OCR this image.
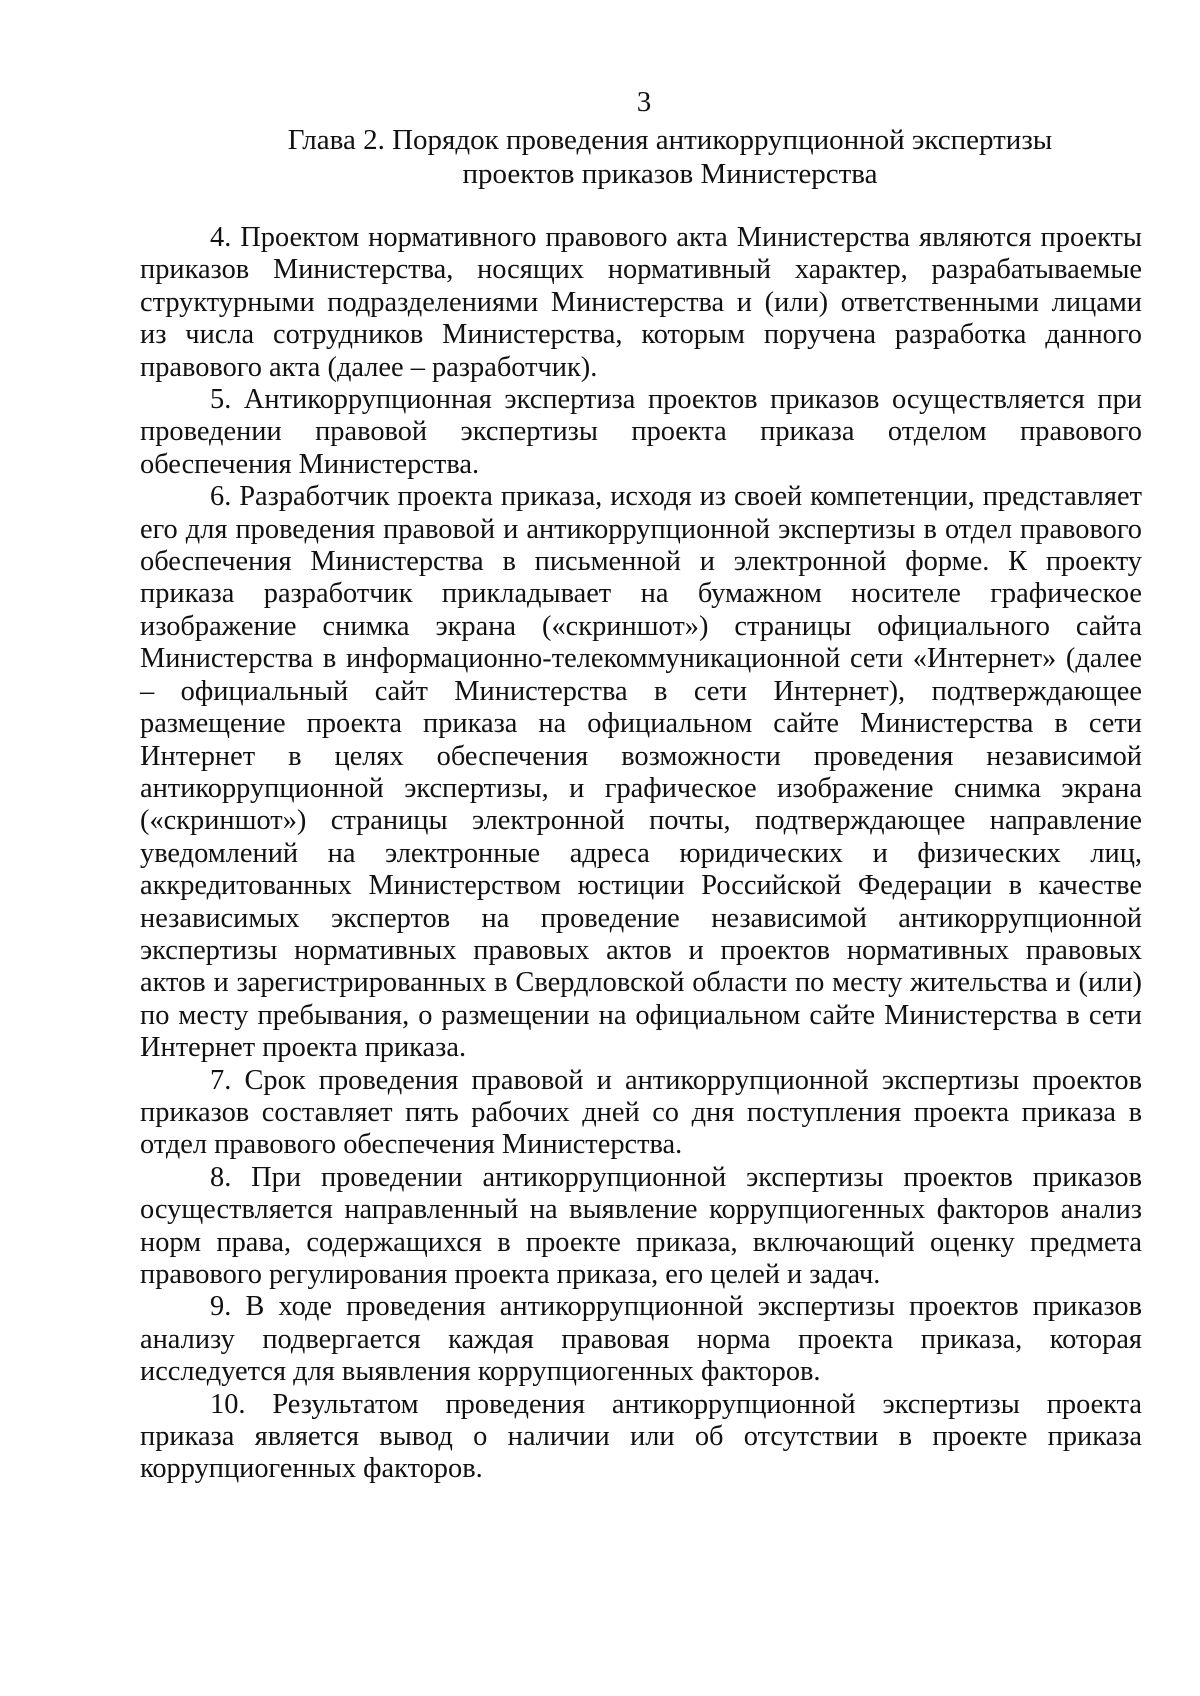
3
Глава 2. Порядок проведения антикоррупционной экспертизы
проектов приказов Министерства

4. Проектом нормативного правового акта Министерства являются проекты приказов Министерства, носящих нормативный характер, разрабатываемые структурными подразделениями Министерства и (или) ответственными лицами из числа сотрудников Министерства, которым поручена разработка данного правового акта (далее – разработчик).

5. Антикоррупционная экспертиза проектов приказов осуществляется при проведении правовой экспертизы проекта приказа отделом правового обеспечения Министерства.

6. Разработчик проекта приказа, исходя из своей компетенции, представляет его для проведения правовой и антикоррупционной экспертизы в отдел правового обеспечения Министерства в письменной и электронной форме. К проекту приказа разработчик прикладывает на бумажном носителе графическое изображение снимка экрана («скриншот») страницы официального сайта Министерства в информационно-телекоммуникационной сети «Интернет» (далее – официальный сайт Министерства в сети Интернет), подтверждающее размещение проекта приказа на официальном сайте Министерства в сети Интернет в целях обеспечения возможности проведения независимой антикоррупционной экспертизы, и графическое изображение снимка экрана («скриншот») страницы электронной почты, подтверждающее направление уведомлений на электронные адреса юридических и физических лиц, аккредитованных Министерством юстиции Российской Федерации в качестве независимых экспертов на проведение независимой антикоррупционной экспертизы нормативных правовых актов и проектов нормативных правовых актов и зарегистрированных в Свердловской области по месту жительства и (или) по месту пребывания, о размещении на официальном сайте Министерства в сети Интернет проекта приказа.

7. Срок проведения правовой и антикоррупционной экспертизы проектов приказов составляет пять рабочих дней со дня поступления проекта приказа в отдел правового обеспечения Министерства.

8. При проведении антикоррупционной экспертизы проектов приказов осуществляется направленный на выявление коррупциогенных факторов анализ норм права, содержащихся в проекте приказа, включающий оценку предмета правового регулирования проекта приказа, его целей и задач.

9. В ходе проведения антикоррупционной экспертизы проектов приказов анализу подвергается каждая правовая норма проекта приказа, которая исследуется для выявления коррупциогенных факторов.

10. Результатом проведения антикоррупционной экспертизы проекта приказа является вывод о наличии или об отсутствии в проекте приказа коррупциогенных факторов.
